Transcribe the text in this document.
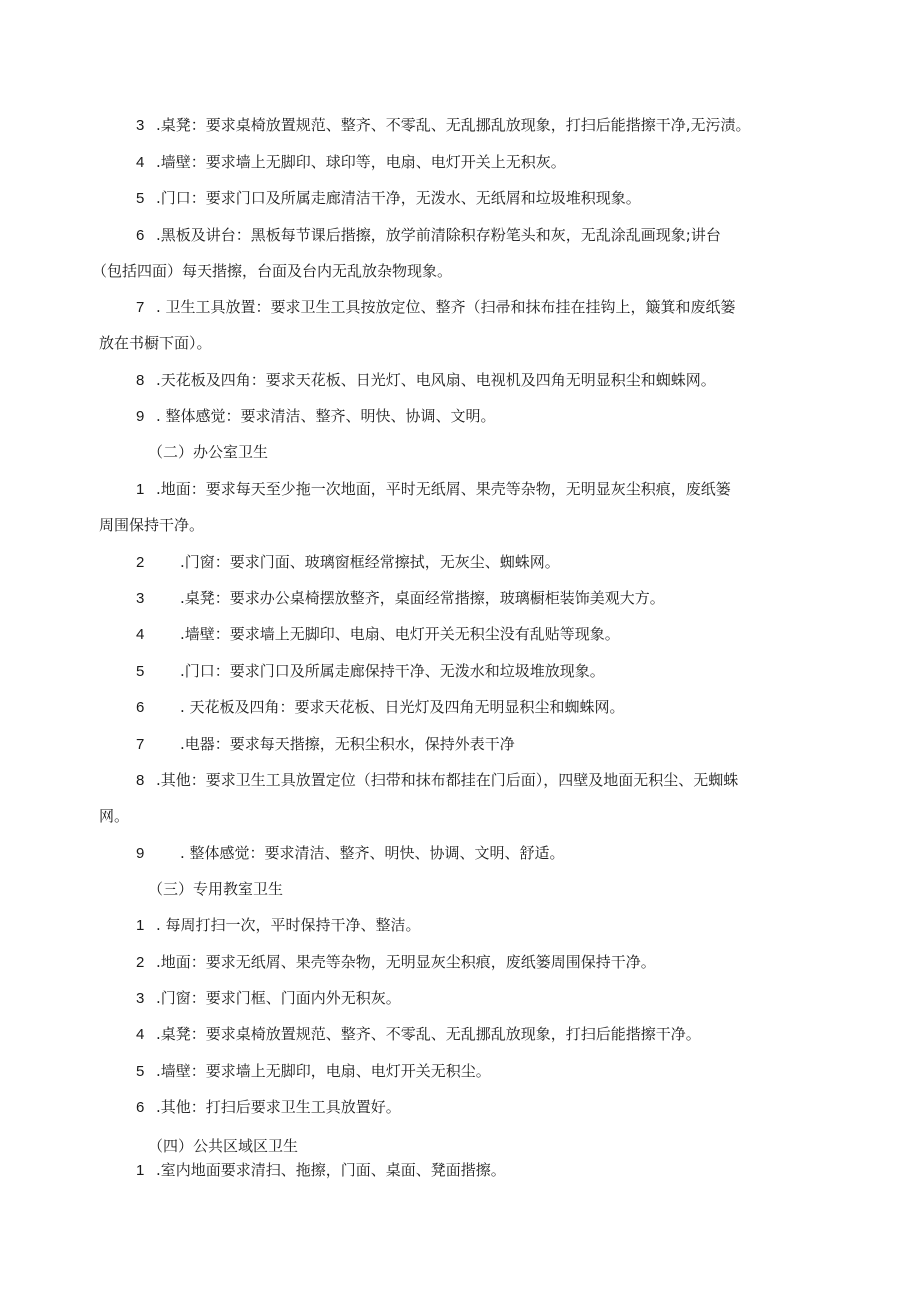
3 .桌凳：要求桌椅放置规范、整齐、不零乱、无乱挪乱放现象，打扫后能揩擦干净,无污渍。

4 .墙壁：要求墙上无脚印、球印等，电扇、电灯开关上无积灰。

5 .门口：要求门口及所属走廊清洁干净，无泼水、无纸屑和垃圾堆积现象。

6 .黑板及讲台：黑板每节课后揩擦，放学前清除积存粉笔头和灰，无乱涂乱画现象;讲台

（包括四面）每天揩擦，台面及台内无乱放杂物现象。

7 . 卫生工具放置：要求卫生工具按放定位、整齐（扫帚和抹布挂在挂钩上，簸箕和废纸篓

放在书橱下面）。

8 .天花板及四角：要求天花板、日光灯、电风扇、电视机及四角无明显积尘和蜘蛛网。

9 . 整体感觉：要求清洁、整齐、明快、协调、文明。

（二）办公室卫生

1 .地面：要求每天至少拖一次地面，平时无纸屑、果壳等杂物，无明显灰尘积痕，废纸篓

周围保持干净。

2 .门窗：要求门面、玻璃窗框经常擦拭，无灰尘、蜘蛛网。

3 .桌凳：要求办公桌椅摆放整齐，桌面经常揩擦，玻璃橱柜装饰美观大方。

4 .墙壁：要求墙上无脚印、电扇、电灯开关无积尘没有乱贴等现象。

5 .门口：要求门口及所属走廊保持干净、无泼水和垃圾堆放现象。

6 . 天花板及四角：要求天花板、日光灯及四角无明显积尘和蜘蛛网。

7 .电器：要求每天揩擦，无积尘积水，保持外表干净

8 .其他：要求卫生工具放置定位（扫带和抹布都挂在门后面），四壁及地面无积尘、无蜘蛛

网。

9 . 整体感觉：要求清洁、整齐、明快、协调、文明、舒适。

（三）专用教室卫生

1 . 每周打扫一次，平时保持干净、整洁。

2 .地面：要求无纸屑、果壳等杂物，无明显灰尘积痕，废纸篓周围保持干净。

3 .门窗：要求门框、门面内外无积灰。

4 .桌凳：要求桌椅放置规范、整齐、不零乱、无乱挪乱放现象，打扫后能揩擦干净。

5 .墙壁：要求墙上无脚印，电扇、电灯开关无积尘。

6 .其他：打扫后要求卫生工具放置好。

（四）公共区域区卫生

1 .室内地面要求清扫、拖擦，门面、桌面、凳面揩擦。
